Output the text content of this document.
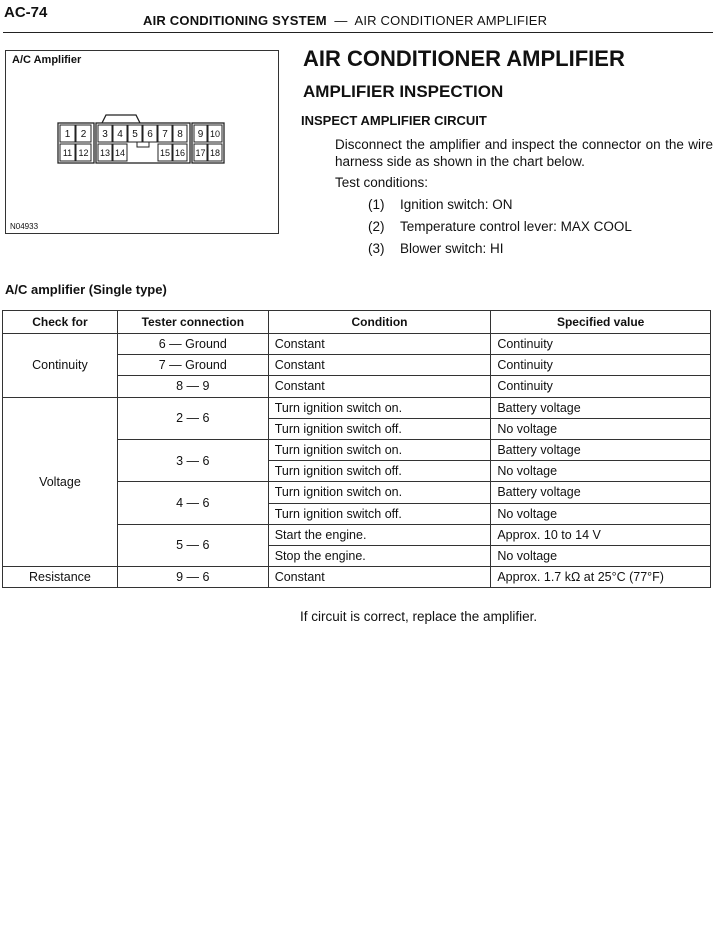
AC-74	AIR CONDITIONING SYSTEM — AIR CONDITIONER AMPLIFIER
A/C Amplifier
1 2 3 4 5 6 7 8 9 10
11 12 13 14	15 16 17 18
N04933
AIR CONDITIONER AMPLIFIER
AMPLIFIER INSPECTION
INSPECT AMPLIFIER CIRCUIT
Disconnect the amplifier and inspect the connector on the wire harness side as shown in the chart below.
Test conditions:
(1) Ignition switch: ON
(2) Temperature control lever: MAX COOL
(3) Blower switch: HI
A/C amplifier (Single type)
Check for	Tester connection	Condition	Specified value
Continuity	6 — Ground	Constant	Continuity
	7 — Ground	Constant	Continuity
	8 — 9	Constant	Continuity
Voltage	2 — 6	Turn ignition switch on.	Battery voltage
		Turn ignition switch off.	No voltage
	3 — 6	Turn ignition switch on.	Battery voltage
		Turn ignition switch off.	No voltage
	4 — 6	Turn ignition switch on.	Battery voltage
		Turn ignition switch off.	No voltage
	5 — 6	Start the engine.	Approx. 10 to 14 V
		Stop the engine.	No voltage
Resistance	9 — 6	Constant	Approx. 1.7 kΩ at 25°C (77°F)
If circuit is correct, replace the amplifier.
